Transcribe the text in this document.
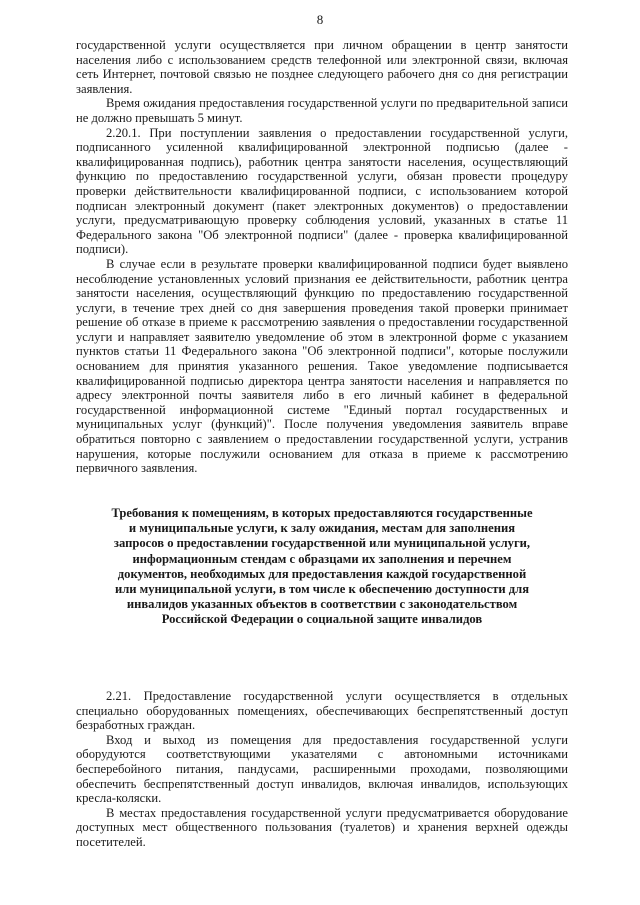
8

государственной услуги осуществляется при личном обращении в центр занятости населения либо с использованием средств телефонной или электронной связи, включая сеть Интернет, почтовой связью не позднее следующего рабочего дня со дня регистрации заявления.

Время ожидания предоставления государственной услуги по предварительной записи не должно превышать 5 минут.

2.20.1. При поступлении заявления о предоставлении государственной услуги, подписанного усиленной квалифицированной электронной подписью (далее - квалифицированная подпись), работник центра занятости населения, осуществляющий функцию по предоставлению государственной услуги, обязан провести процедуру проверки действительности квалифицированной подписи, с использованием которой подписан электронный документ (пакет электронных документов) о предоставлении услуги, предусматривающую проверку соблюдения условий, указанных в статье 11 Федерального закона "Об электронной подписи" (далее - проверка квалифицированной подписи).

В случае если в результате проверки квалифицированной подписи будет выявлено несоблюдение установленных условий признания ее действительности, работник центра занятости населения, осуществляющий функцию по предоставлению государственной услуги, в течение трех дней со дня завершения проведения такой проверки принимает решение об отказе в приеме к рассмотрению заявления о предоставлении государственной услуги и направляет заявителю уведомление об этом в электронной форме с указанием пунктов статьи 11 Федерального закона "Об электронной подписи", которые послужили основанием для принятия указанного решения. Такое уведомление подписывается квалифицированной подписью директора центра занятости населения и направляется по адресу электронной почты заявителя либо в его личный кабинет в федеральной государственной информационной системе "Единый портал государственных и муниципальных услуг (функций)". После получения уведомления заявитель вправе обратиться повторно с заявлением о предоставлении государственной услуги, устранив нарушения, которые послужили основанием для отказа в приеме к рассмотрению первичного заявления.

Требования к помещениям, в которых предоставляются государственные и муниципальные услуги, к залу ожидания, местам для заполнения запросов о предоставлении государственной или муниципальной услуги, информационным стендам с образцами их заполнения и перечнем документов, необходимых для предоставления каждой государственной или муниципальной услуги, в том числе к обеспечению доступности для инвалидов указанных объектов в соответствии с законодательством Российской Федерации о социальной защите инвалидов

2.21. Предоставление государственной услуги осуществляется в отдельных специально оборудованных помещениях, обеспечивающих беспрепятственный доступ безработных граждан.

Вход и выход из помещения для предоставления государственной услуги оборудуются соответствующими указателями с автономными источниками бесперебойного питания, пандусами, расширенными проходами, позволяющими обеспечить беспрепятственный доступ инвалидов, включая инвалидов, использующих кресла-коляски.

В местах предоставления государственной услуги предусматривается оборудование доступных мест общественного пользования (туалетов) и хранения верхней одежды посетителей.
